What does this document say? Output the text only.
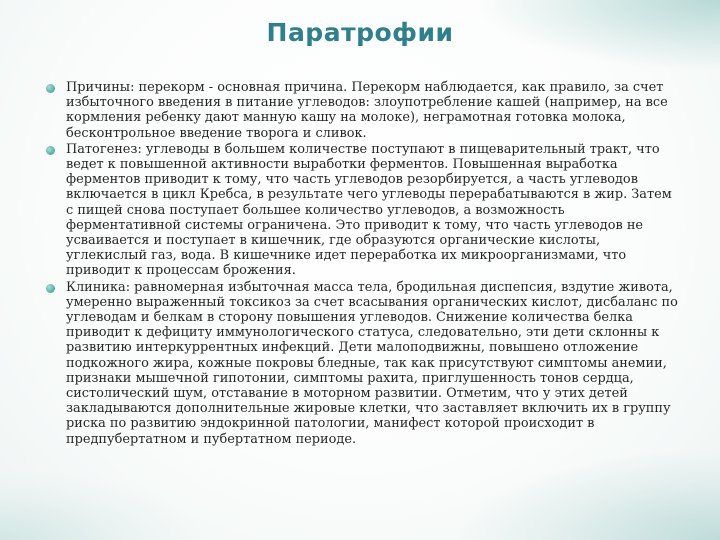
Паратрофии
Причины: перекорм - основная причина. Перекорм наблюдается, как правило, за счет избыточного введения в питание углеводов: злоупотребление кашей (например, на все кормления ребенку дают манную кашу на молоке), неграмотная готовка молока, бесконтрольное введение творога и сливок.
Патогенез: углеводы в большем количестве поступают в пищеварительный тракт, что ведет к повышенной активности выработки ферментов. Повышенная выработка ферментов приводит к тому, что часть углеводов резорбируется, а часть углеводов включается в цикл Кребса, в результате чего углеводы перерабатываются в жир. Затем с пищей снова поступает большее количество углеводов, а возможность ферментативной системы ограничена. Это приводит к тому, что часть углеводов не усваивается и поступает в кишечник, где образуются органические кислоты, углекислый газ, вода. В кишечнике идет переработка их микроорганизмами, что приводит к процессам брожения.
Клиника: равномерная избыточная масса тела, бродильная диспепсия, вздутие живота, умеренно выраженный токсикоз за счет всасывания органических кислот, дисбаланс по углеводам и белкам в сторону повышения углеводов. Снижение количества белка приводит к дефициту иммунологического статуса, следовательно, эти дети склонны к развитию интеркуррентных инфекций. Дети малоподвижны, повышено отложение подкожного жира, кожные покровы бледные, так как присутствуют симптомы анемии, признаки мышечной гипотонии, симптомы рахита, приглушенность тонов сердца, систолический шум, отставание в моторном развитии. Отметим, что у этих детей закладываются дополнительные жировые клетки, что заставляет включить их в группу риска по развитию эндокринной патологии, манифест которой происходит в предпубертатном и пубертатном периоде.
